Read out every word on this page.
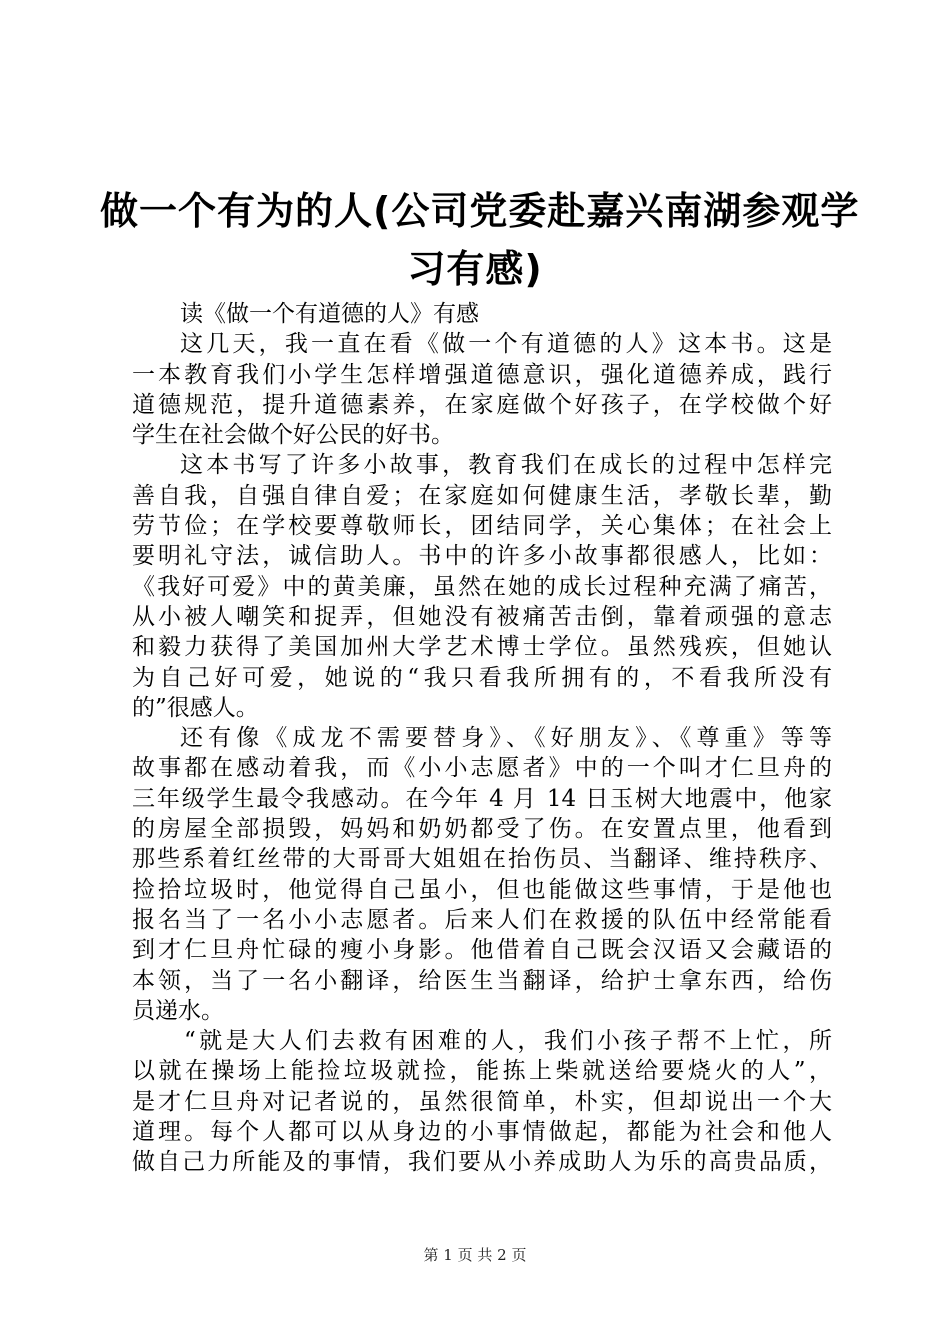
做一个有为的人(公司党委赴嘉兴南湖参观学
习有感)
读《做一个有道德的人》有感
这几天，我一直在看《做一个有道德的人》这本书。这是
一本教育我们小学生怎样增强道德意识，强化道德养成，践行
道德规范，提升道德素养，在家庭做个好孩子，在学校做个好
学生在社会做个好公民的好书。
这本书写了许多小故事，教育我们在成长的过程中怎样完
善自我，自强自律自爱；在家庭如何健康生活，孝敬长辈，勤
劳节俭；在学校要尊敬师长，团结同学，关心集体；在社会上
要明礼守法，诚信助人。书中的许多小故事都很感人，比如：
《我好可爱》中的黄美廉，虽然在她的成长过程种充满了痛苦，
从小被人嘲笑和捉弄，但她没有被痛苦击倒，靠着顽强的意志
和毅力获得了美国加州大学艺术博士学位。虽然残疾，但她认
为自己好可爱，她说的“我只看我所拥有的，不看我所没有
的”很感人。
还有像《成龙不需要替身》、《好朋友》、《尊重》等等
故事都在感动着我，而《小小志愿者》中的一个叫才仁旦舟的
三年级学生最令我感动。在今年 4 月 14 日玉树大地震中，他家
的房屋全部损毁，妈妈和奶奶都受了伤。在安置点里，他看到
那些系着红丝带的大哥哥大姐姐在抬伤员、当翻译、维持秩序、
捡拾垃圾时，他觉得自己虽小，但也能做这些事情，于是他也
报名当了一名小小志愿者。后来人们在救援的队伍中经常能看
到才仁旦舟忙碌的瘦小身影。他借着自己既会汉语又会藏语的
本领，当了一名小翻译，给医生当翻译，给护士拿东西，给伤
员递水。
“就是大人们去救有困难的人，我们小孩子帮不上忙，所
以就在操场上能捡垃圾就捡，能拣上柴就送给要烧火的人”，
是才仁旦舟对记者说的，虽然很简单，朴实，但却说出一个大
道理。每个人都可以从身边的小事情做起，都能为社会和他人
做自己力所能及的事情，我们要从小养成助人为乐的高贵品质，
第 1 页 共 2 页
